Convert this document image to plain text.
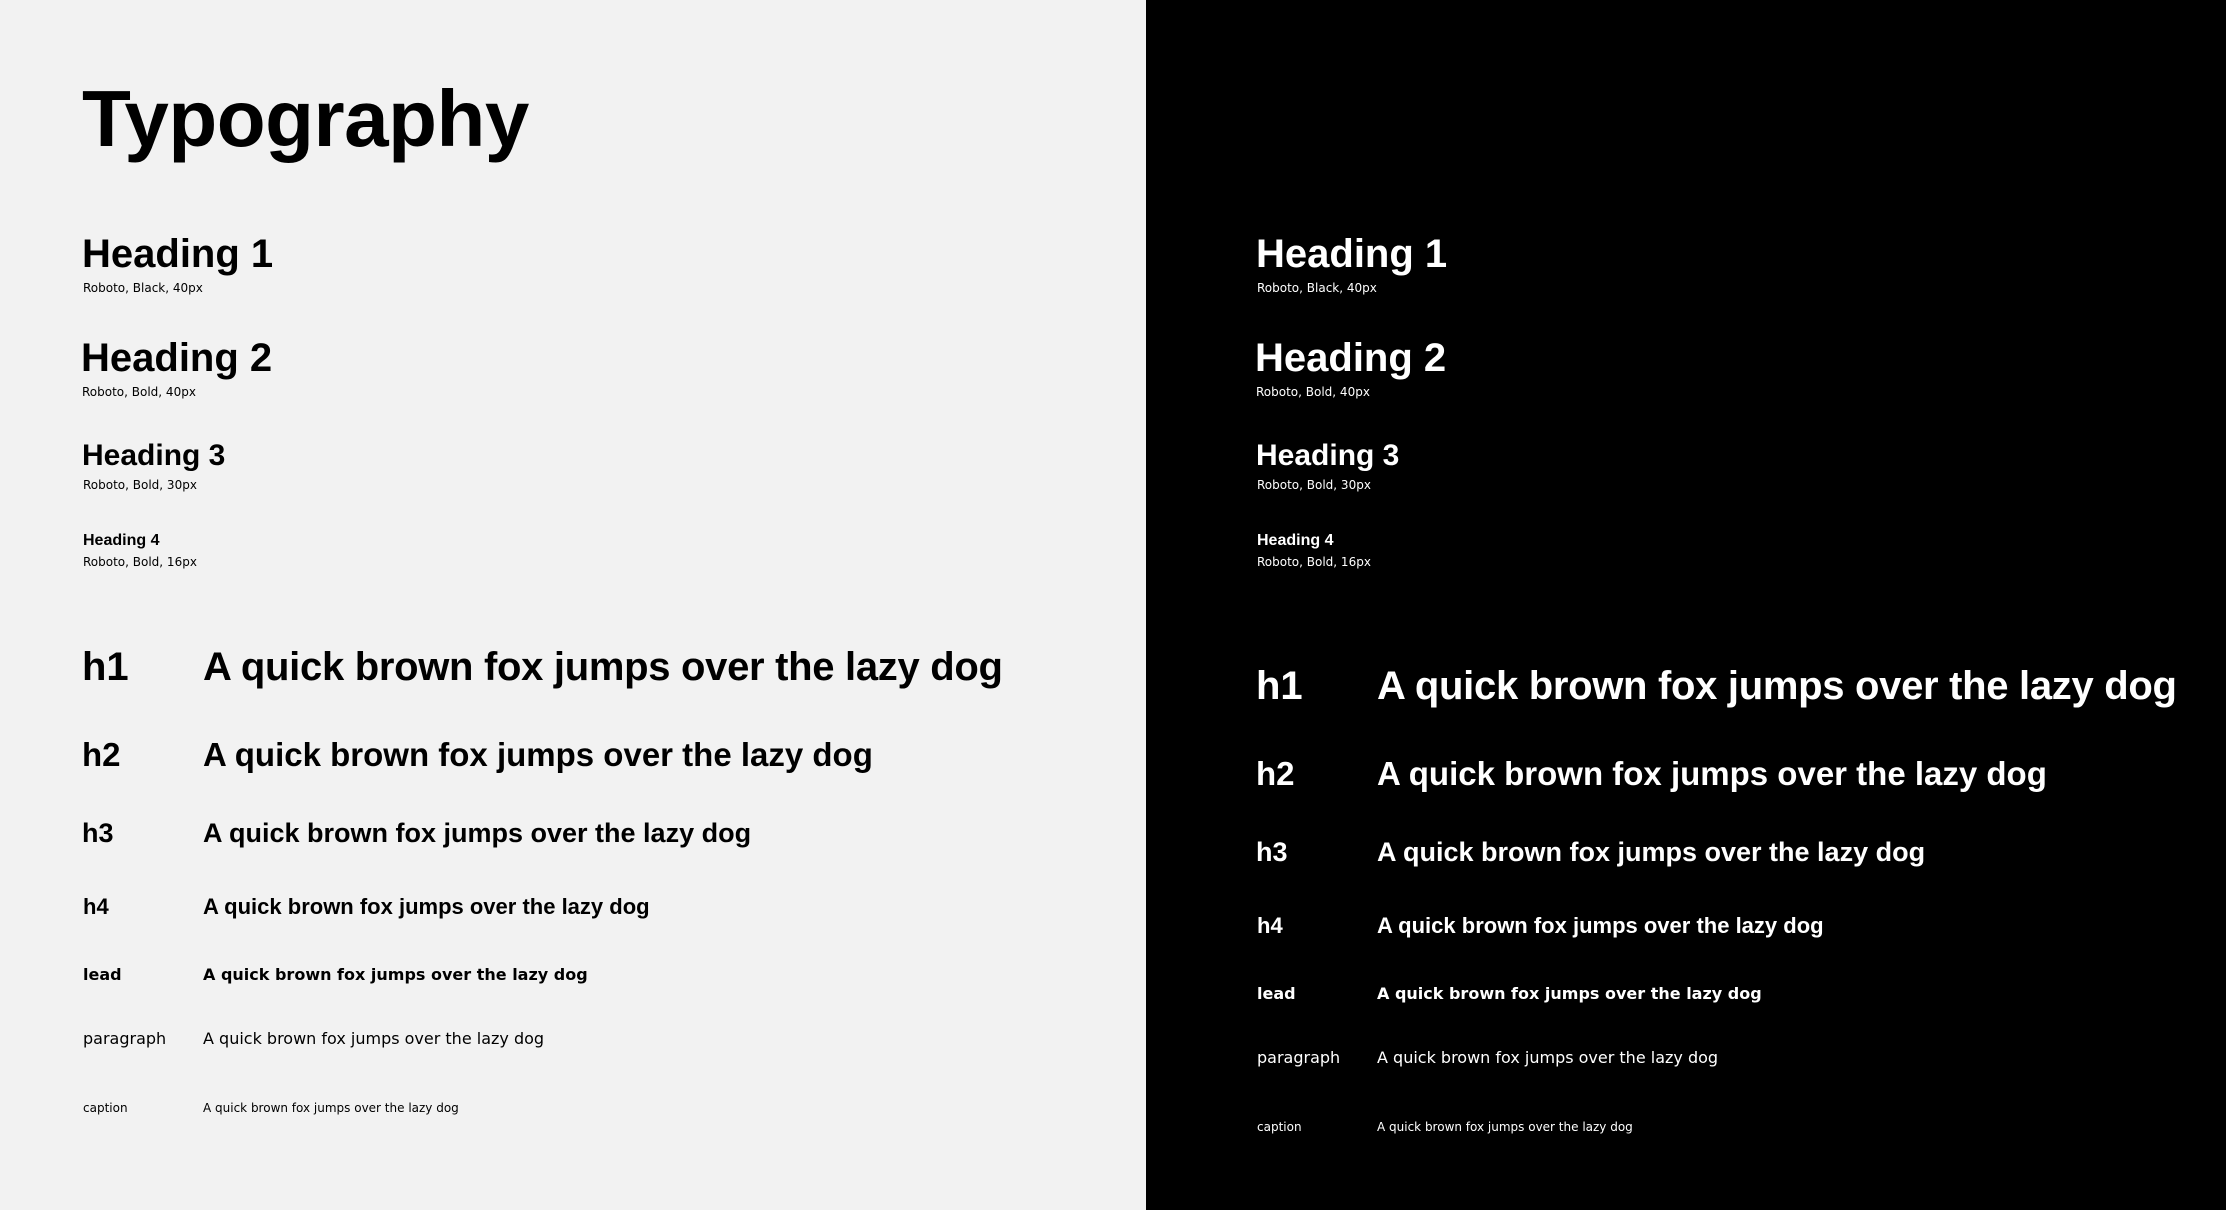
Typography
Heading 1
Roboto, Black, 40px
Heading 2
Roboto, Bold, 40px
Heading 3
Roboto, Bold, 30px
Heading 4
Roboto, Bold, 16px
h1 A quick brown fox jumps over the lazy dog
h2 A quick brown fox jumps over the lazy dog
h3	A quick brown fox jumps over the lazy dog
h4	A quick brown fox jumps over the lazy dog
lead	A quick brown fox jumps over the lazy dog
paragraph A quick brown fox jumps over the lazy dog
caption	A quick brown fox jumps over the lazy dog
Heading 1
Roboto, Black, 40px
Heading 2
Roboto, Bold, 40px
Heading 3
Roboto, Bold, 30px
Heading 4
Roboto, Bold, 16px
h1 A quick brown fox jumps over the lazy dog
h2 A quick brown fox jumps over the lazy dog
h3	A quick brown fox jumps over the lazy dog
h4	A quick brown fox jumps over the lazy dog
lead	A quick brown fox jumps over the lazy dog
paragraph A quick brown fox jumps over the lazy dog
caption	A quick brown fox jumps over the lazy dog
